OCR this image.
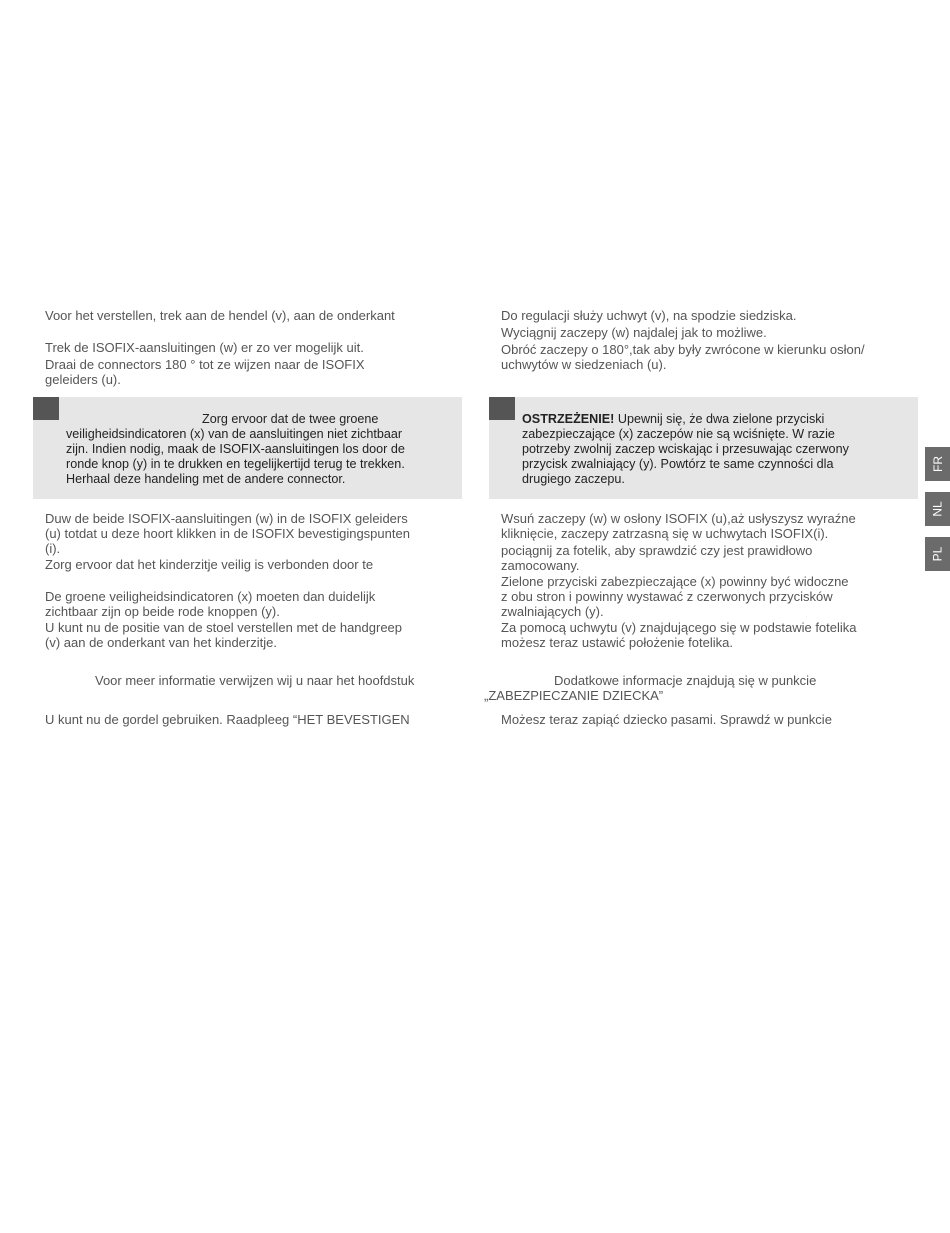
Voor het verstellen, trek aan de hendel (v), aan de onderkant

Trek de ISOFIX-aansluitingen (w) er zo ver mogelijk uit.

Draai de connectors 180 ° tot ze wijzen naar de ISOFIX

geleiders (u).

Zorg ervoor dat de twee groene

veiligheidsindicatoren (x) van de aansluitingen niet zichtbaar

zijn. Indien nodig, maak de ISOFIX-aansluitingen los door de

ronde knop (y) in te drukken en tegelijkertijd terug te trekken.

Herhaal deze handeling met de andere connector.

Duw de beide ISOFIX-aansluitingen (w) in de ISOFIX geleiders

(u) totdat u deze hoort klikken in de ISOFIX bevestigingspunten

(i).

Zorg ervoor dat het kinderzitje veilig is verbonden door te

De groene veiligheidsindicatoren (x) moeten dan duidelijk

zichtbaar zijn op beide rode knoppen (y).

U kunt nu de positie van de stoel verstellen met de handgreep

(v) aan de onderkant van het kinderzitje.

Voor meer informatie verwijzen wij u naar het hoofdstuk

U kunt nu de gordel gebruiken. Raadpleeg “HET BEVESTIGEN

Do regulacji służy uchwyt (v), na spodzie siedziska.

Wyciągnij zaczepy (w) najdalej jak to możliwe.

Obróć zaczepy o 180°,tak aby były zwrócone w kierunku osłon/

uchwytów w siedzeniach (u).

OSTRZEŻENIE! Upewnij się, że dwa zielone przyciski

zabezpieczające (x) zaczepów nie są wciśnięte. W razie

potrzeby zwolnij zaczep wciskając i przesuwając czerwony

przycisk zwalniający (y). Powtórz te same czynności dla

drugiego zaczepu.

Wsuń zaczepy (w) w osłony ISOFIX (u),aż usłyszysz wyraźne

kliknięcie, zaczepy zatrzasną się w uchwytach ISOFIX(i).

pociągnij za fotelik, aby sprawdzić czy jest prawidłowo

zamocowany.

Zielone przyciski zabezpieczające (x) powinny być widoczne

z obu stron i powinny wystawać z czerwonych przycisków

zwalniających (y).

Za pomocą uchwytu (v) znajdującego się w podstawie fotelika

możesz teraz ustawić położenie fotelika.

Dodatkowe informacje znajdują się w punkcie

„ZABEZPIECZANIE DZIECKA”

Możesz teraz zapiąć dziecko pasami. Sprawdź w punkcie

FR
NL
PL
